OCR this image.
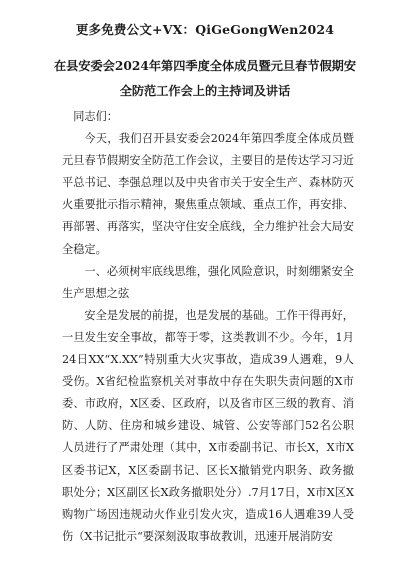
更多免费公文+VX：QiGeGongWen2024
在县安委会2024年第四季度全体成员暨元旦春节假期安全防范工作会上的主持词及讲话

同志们：

今天，我们召开县安委会2024年第四季度全体成员暨元旦春节假期安全防范工作会议，主要目的是传达学习习近平总书记、李强总理以及中央省市关于安全生产、森林防灭火重要批示指示精神，聚焦重点领域、重点工作，再安排、再部署、再落实，坚决守住安全底线，全力维护社会大局安全稳定。

一、必须树牢底线思维，强化风险意识，时刻绷紧安全生产思想之弦

安全是发展的前提，也是发展的基础。工作干得再好，一旦发生安全事故，都等于零，这类教训不少。今年，1月24日XX“X.XX”特别重大火灾事故，造成39人遇难，9人受伤。X省纪检监察机关对事故中存在失职失责问题的X市委、市政府，X区委、区政府，以及省市区三级的教育、消防、人防、住房和城乡建设、城管、公安等部门52名公职人员进行了严肃处理（其中，X市委副书记、市长X，X市X区委书记X，X区委副书记、区长X撤销党内职务、政务撤职处分；X区副区长X政务撤职处分）.7月17日，X市X区X购物广场因违规动火作业引发火灾，造成16人遇难39人受伤（X书记批示“要深刻汲取事故教训，迅速开展消防安
